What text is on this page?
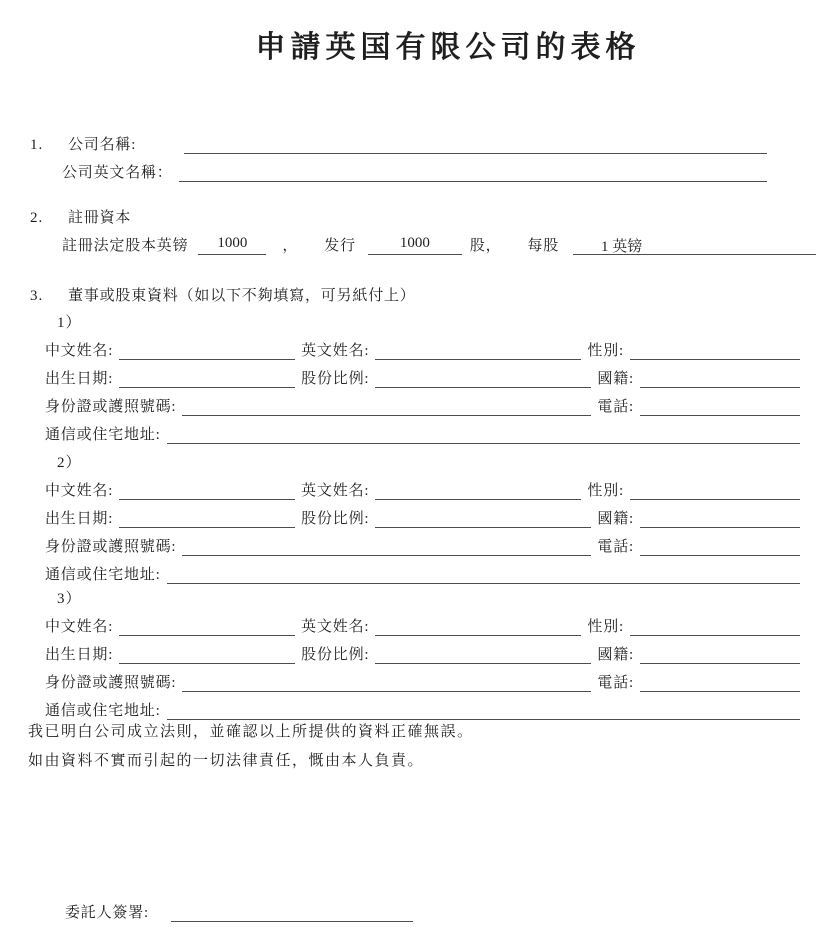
申請英国有限公司的表格
1.	公司名稱:
公司英文名稱：
2.	註冊資本
註冊法定股本英镑	1000	， 发行	1000	股， 每股	1 英镑
3.	董事或股東資料（如以下不夠填寫，可另紙付上）
1）
中文姓名:	英文姓名:	性別:
出生日期:	股份比例:	國籍:
身份證或護照號碼:	電話:
通信或住宅地址:
2）
中文姓名:	英文姓名:	性別:
出生日期:	股份比例:	國籍:
身份證或護照號碼:	電話:
通信或住宅地址:
3）
中文姓名:	英文姓名:	性別:
出生日期:	股份比例:	國籍:
身份證或護照號碼:	電話:
通信或住宅地址:
我已明白公司成立法則，並確認以上所提供的資料正確無誤。
如由資料不實而引起的一切法律責任，慨由本人負責。
委託人簽署:
